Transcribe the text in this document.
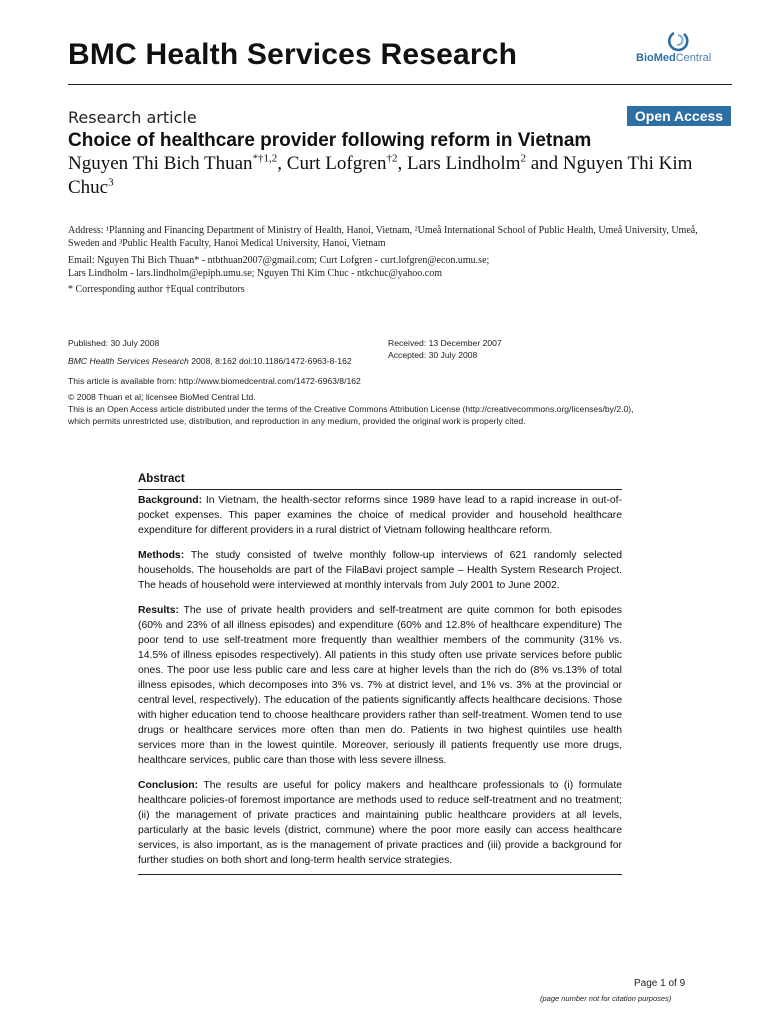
BMC Health Services Research	BioMedCentral
Research article	Open Access
Choice of healthcare provider following reform in Vietnam
Nguyen Thi Bich Thuan$^{*\dagger 1,2}$, Curt Lofgren$^{\dagger 2}$, Lars Lindholm$^2$ and Nguyen Thi Kim Chuc$^3$
Address: ¹Planning and Financing Department of Ministry of Health, Hanoi, Vietnam, ²Umeå International School of Public Health, Umeå University, Umeå, Sweden and ³Public Health Faculty, Hanoi Medical University, Hanoi, Vietnam
Email: Nguyen Thi Bich Thuan* - ntbthuan2007@gmail.com; Curt Lofgren - curt.lofgren@econ.umu.se;
Lars Lindholm - lars.lindholm@epiph.umu.se; Nguyen Thi Kim Chuc - ntkchuc@yahoo.com
* Corresponding author †Equal contributors
Published: 30 July 2008
BMC Health Services Research 2008, 8:162 doi:10.1186/1472-6963-8-162
Received: 13 December 2007
Accepted: 30 July 2008
This article is available from: http://www.biomedcentral.com/1472-6963/8/162
© 2008 Thuan et al; licensee BioMed Central Ltd.
This is an Open Access article distributed under the terms of the Creative Commons Attribution License (http://creativecommons.org/licenses/by/2.0),
which permits unrestricted use, distribution, and reproduction in any medium, provided the original work is properly cited.
Abstract

Background: In Vietnam, the health-sector reforms since 1989 have lead to a rapid increase in out-of-pocket expenses. This paper examines the choice of medical provider and household healthcare expenditure for different providers in a rural district of Vietnam following healthcare reform.

Methods: The study consisted of twelve monthly follow-up interviews of 621 randomly selected households. The households are part of the FilaBavi project sample – Health System Research Project. The heads of household were interviewed at monthly intervals from July 2001 to June 2002.

Results: The use of private health providers and self-treatment are quite common for both episodes (60% and 23% of all illness episodes) and expenditure (60% and 12.8% of healthcare expenditure) The poor tend to use self-treatment more frequently than wealthier members of the community (31% vs. 14.5% of illness episodes respectively). All patients in this study often use private services before public ones. The poor use less public care and less care at higher levels than the rich do (8% vs.13% of total illness episodes, which decomposes into 3% vs. 7% at district level, and 1% vs. 3% at the provincial or central level, respectively). The education of the patients significantly affects healthcare decisions. Those with higher education tend to choose healthcare providers rather than self-treatment. Women tend to use drugs or healthcare services more often than men do. Patients in two highest quintiles use health services more than in the lowest quintile. Moreover, seriously ill patients frequently use more drugs, healthcare services, public care than those with less severe illness.

Conclusion: The results are useful for policy makers and healthcare professionals to (i) formulate healthcare policies-of foremost importance are methods used to reduce self-treatment and no treatment; (ii) the management of private practices and maintaining public healthcare providers at all levels, particularly at the basic levels (district, commune) where the poor more easily can access healthcare services, is also important, as is the management of private practices and (iii) provide a background for further studies on both short and long-term health service strategies.

Page 1 of 9
(page number not for citation purposes)
